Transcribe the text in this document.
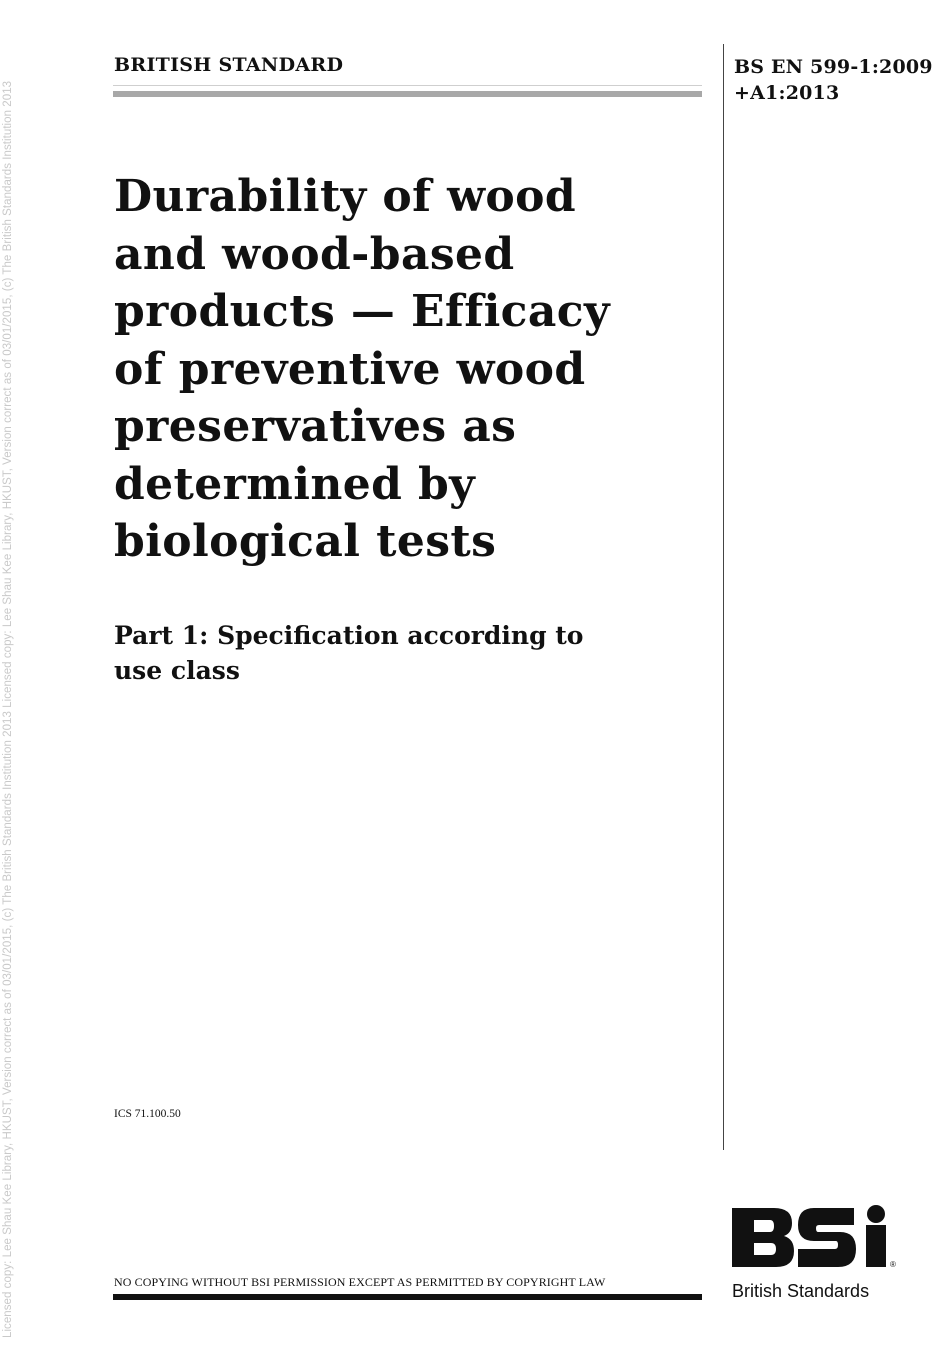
Licensed copy: Lee Shau Kee Library, HKUST, Version correct as of 03/01/2015, (c) The British Standards Institution 2013 Licensed copy: Lee Shau Kee Library, HKUST, Version correct as of 03/01/2015, (c) The British Standards Institution 2013
BRITISH STANDARD	BS EN 599-1:2009
+A1:2013
Durability of wood
and wood-based
products — Efficacy
of preventive wood
preservatives as
determined by
biological tests
Part 1: Specification according to
use class
ICS 71.100.50
NO COPYING WITHOUT BSI PERMISSION EXCEPT AS PERMITTED BY COPYRIGHT LAW
®
British Standards
